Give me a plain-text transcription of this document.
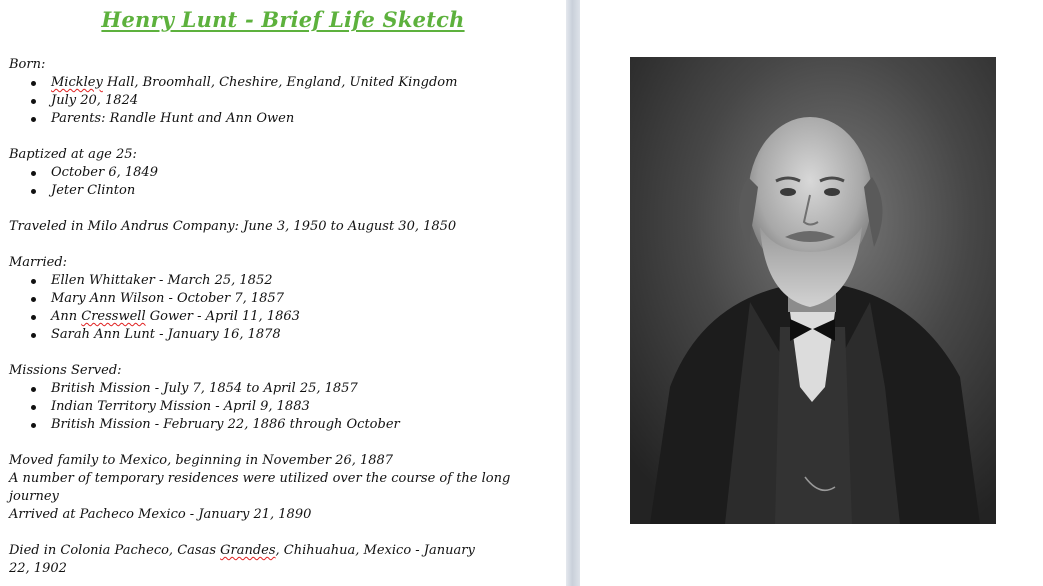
Henry Lunt - Brief Life Sketch

Born:

Mickley Hall, Broomhall, Cheshire, England, United Kingdom
July 20, 1824
Parents: Randle Hunt and Ann Owen

Baptized at age 25:

October 6, 1849
Jeter Clinton

Traveled in Milo Andrus Company: June 3, 1950 to August 30, 1850

Married:

Ellen Whittaker - March 25, 1852
Mary Ann Wilson - October 7, 1857
Ann Cresswell Gower - April 11, 1863
Sarah Ann Lunt - January 16, 1878

Missions Served:

British Mission - July 7, 1854 to April 25, 1857
Indian Territory Mission - April 9, 1883
British Mission - February 22, 1886 through October

Moved family to Mexico, beginning in November 26, 1887

A number of temporary residences were utilized over the course of the long

journey

Arrived at Pacheco Mexico - January 21, 1890

Died in Colonia Pacheco, Casas Grandes, Chihuahua, Mexico - January

22, 1902
